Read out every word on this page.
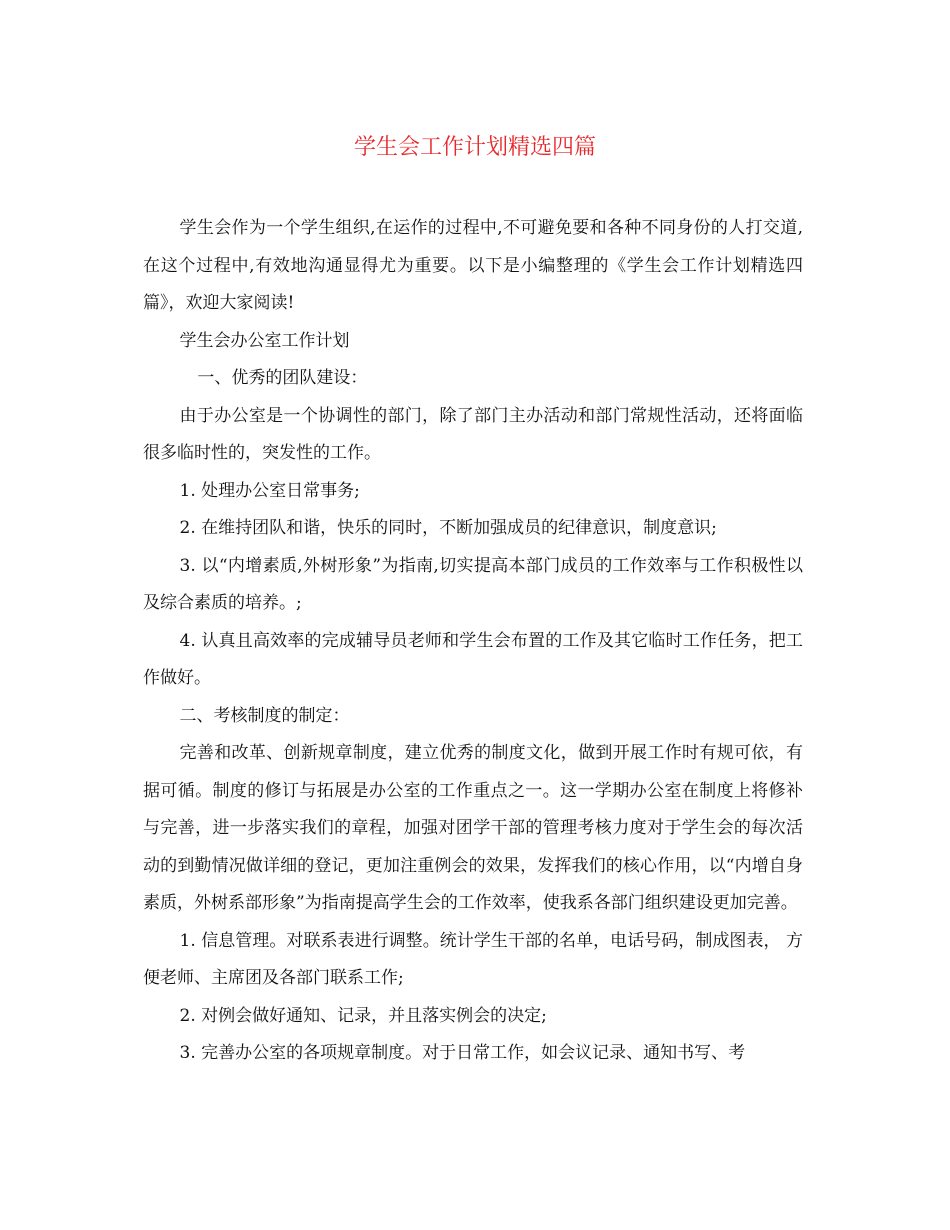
学生会工作计划精选四篇

学生会作为一个学生组织,在运作的过程中,不可避免要和各种不同身份的人打交道,在这个过程中,有效地沟通显得尤为重要。以下是小编整理的《学生会工作计划精选四篇》，欢迎大家阅读!

学生会办公室工作计划

一、优秀的团队建设：

由于办公室是一个协调性的部门，除了部门主办活动和部门常规性活动，还将面临很多临时性的，突发性的工作。

1. 处理办公室日常事务;

2. 在维持团队和谐，快乐的同时，不断加强成员的纪律意识，制度意识;

3. 以“内增素质,外树形象”为指南,切实提高本部门成员的工作效率与工作积极性以及综合素质的培养。;

4. 认真且高效率的完成辅导员老师和学生会布置的工作及其它临时工作任务，把工作做好。

二、考核制度的制定：

完善和改革、创新规章制度，建立优秀的制度文化，做到开展工作时有规可依，有据可循。制度的修订与拓展是办公室的工作重点之一。这一学期办公室在制度上将修补与完善，进一步落实我们的章程，加强对团学干部的管理考核力度对于学生会的每次活动的到勤情况做详细的登记，更加注重例会的效果，发挥我们的核心作用，以“内增自身素质，外树系部形象”为指南提高学生会的工作效率，使我系各部门组织建设更加完善。

1. 信息管理。对联系表进行调整。统计学生干部的名单，电话号码，制成图表， 方便老师、主席团及各部门联系工作;

2. 对例会做好通知、记录，并且落实例会的决定;

3. 完善办公室的各项规章制度。对于日常工作，如会议记录、通知书写、考
